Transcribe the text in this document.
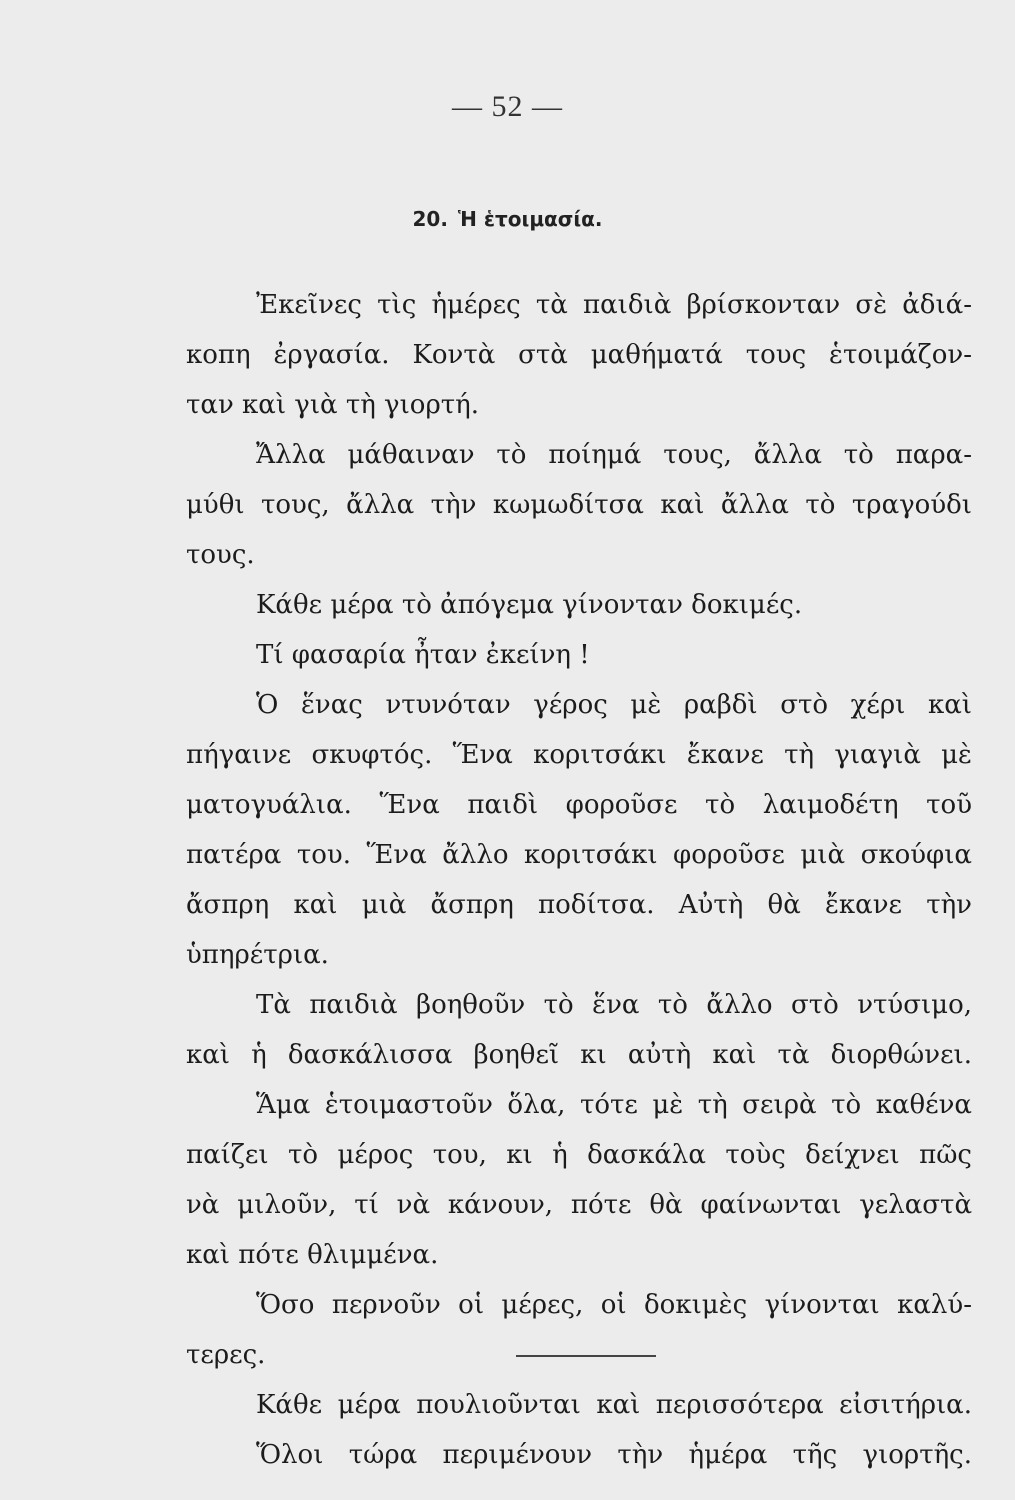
— 52 —
20. Ἡ ἑτοιμασία.
Ἐκεῖνες τὶς ἡμέρες τὰ παιδιὰ βρίσκονταν σὲ ἀδιά-
κοπη ἐργασία. Κοντὰ στὰ μαθήματά τους ἑτοιμάζον-
ταν καὶ γιὰ τὴ γιορτή.
Ἄλλα μάθαιναν τὸ ποίημά τους, ἄλλα τὸ παρα-
μύθι τους, ἄλλα τὴν κωμωδίτσα καὶ ἄλλα τὸ τραγούδι
τους.
Κάθε μέρα τὸ ἀπόγεμα γίνονταν δοκιμές.
Τί φασαρία ἦταν ἐκείνη !
Ὁ ἕνας ντυνόταν γέρος μὲ ραβδὶ στὸ χέρι καὶ
πήγαινε σκυφτός. Ἕνα κοριτσάκι ἔκανε τὴ γιαγιὰ μὲ
ματογυάλια. Ἕνα παιδὶ φοροῦσε τὸ λαιμοδέτη τοῦ
πατέρα του. Ἕνα ἄλλο κοριτσάκι φοροῦσε μιὰ σκούφια
ἄσπρη καὶ μιὰ ἄσπρη ποδίτσα. Αὐτὴ θὰ ἔκανε τὴν
ὑπηρέτρια.
Τὰ παιδιὰ βοηθοῦν τὸ ἕνα τὸ ἄλλο στὸ ντύσιμο,
καὶ ἡ δασκάλισσα βοηθεῖ κι αὐτὴ καὶ τὰ διορθώνει.
Ἅμα ἑτοιμαστοῦν ὅλα, τότε μὲ τὴ σειρὰ τὸ καθένα
παίζει τὸ μέρος του, κι ἡ δασκάλα τοὺς δείχνει πῶς
νὰ μιλοῦν, τί νὰ κάνουν, πότε θὰ φαίνωνται γελαστὰ
καὶ πότε θλιμμένα.
Ὅσο περνοῦν οἱ μέρες, οἱ δοκιμὲς γίνονται καλύ-
τερες.
Κάθε μέρα πουλιοῦνται καὶ περισσότερα εἰσιτήρια.
Ὅλοι τώρα περιμένουν τὴν ἡμέρα τῆς γιορτῆς.
